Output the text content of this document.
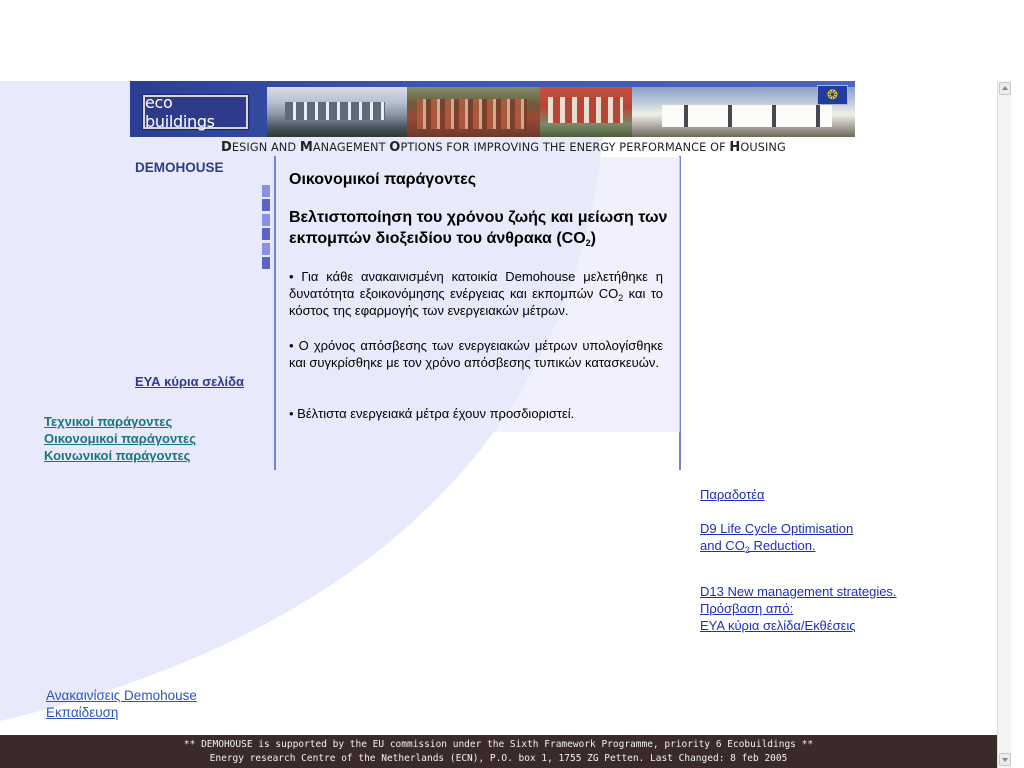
eco buildings
❂
DESIGN AND MANAGEMENT OPTIONS FOR IMPROVING THE ENERGY PERFORMANCE OF HOUSING
DEMOHOUSE
ΕΥΑ κύρια σελίδα
Τεχνικοί παράγοντες
Οικονομικοί παράγοντες
Κοινωνικοί παράγοντες
Οικονομικοί παράγοντες
Βελτιστοποίηση του χρόνου ζωής και μείωση των εκπομπών διοξειδίου του άνθρακα $(CO_2)$
• Για κάθε ανακαινισμένη κατοικία Demohouse μελετήθηκε η δυνατότητα εξοικονόμησης ενέργειας και εκπομπών $CO_2$ και το κόστος της εφαρμογής των ενεργειακών μέτρων.
• Ο χρόνος απόσβεσης των ενεργειακών μέτρων υπολογίσθηκε και συγκρίσθηκε με τον χρόνο απόσβεσης τυπικών κατασκευών.
• Βέλτιστα ενεργειακά μέτρα έχουν προσδιοριστεί.
Παραδοτέα
D9 Life Cycle Optimisation
and $CO_2$ Reduction.
D13 New management strategies.
Πρόσβαση από:
ΕΥΑ κύρια σελίδα/Εκθέσεις
Ανακαινίσεις Demohouse
Εκπαίδευση
** DEMOHOUSE is supported by the EU commission under the Sixth Framework Programme, priority 6 Ecobuildings **
Energy research Centre of the Netherlands (ECN), P.O. box 1, 1755 ZG Petten. Last Changed: 8 feb 2005
